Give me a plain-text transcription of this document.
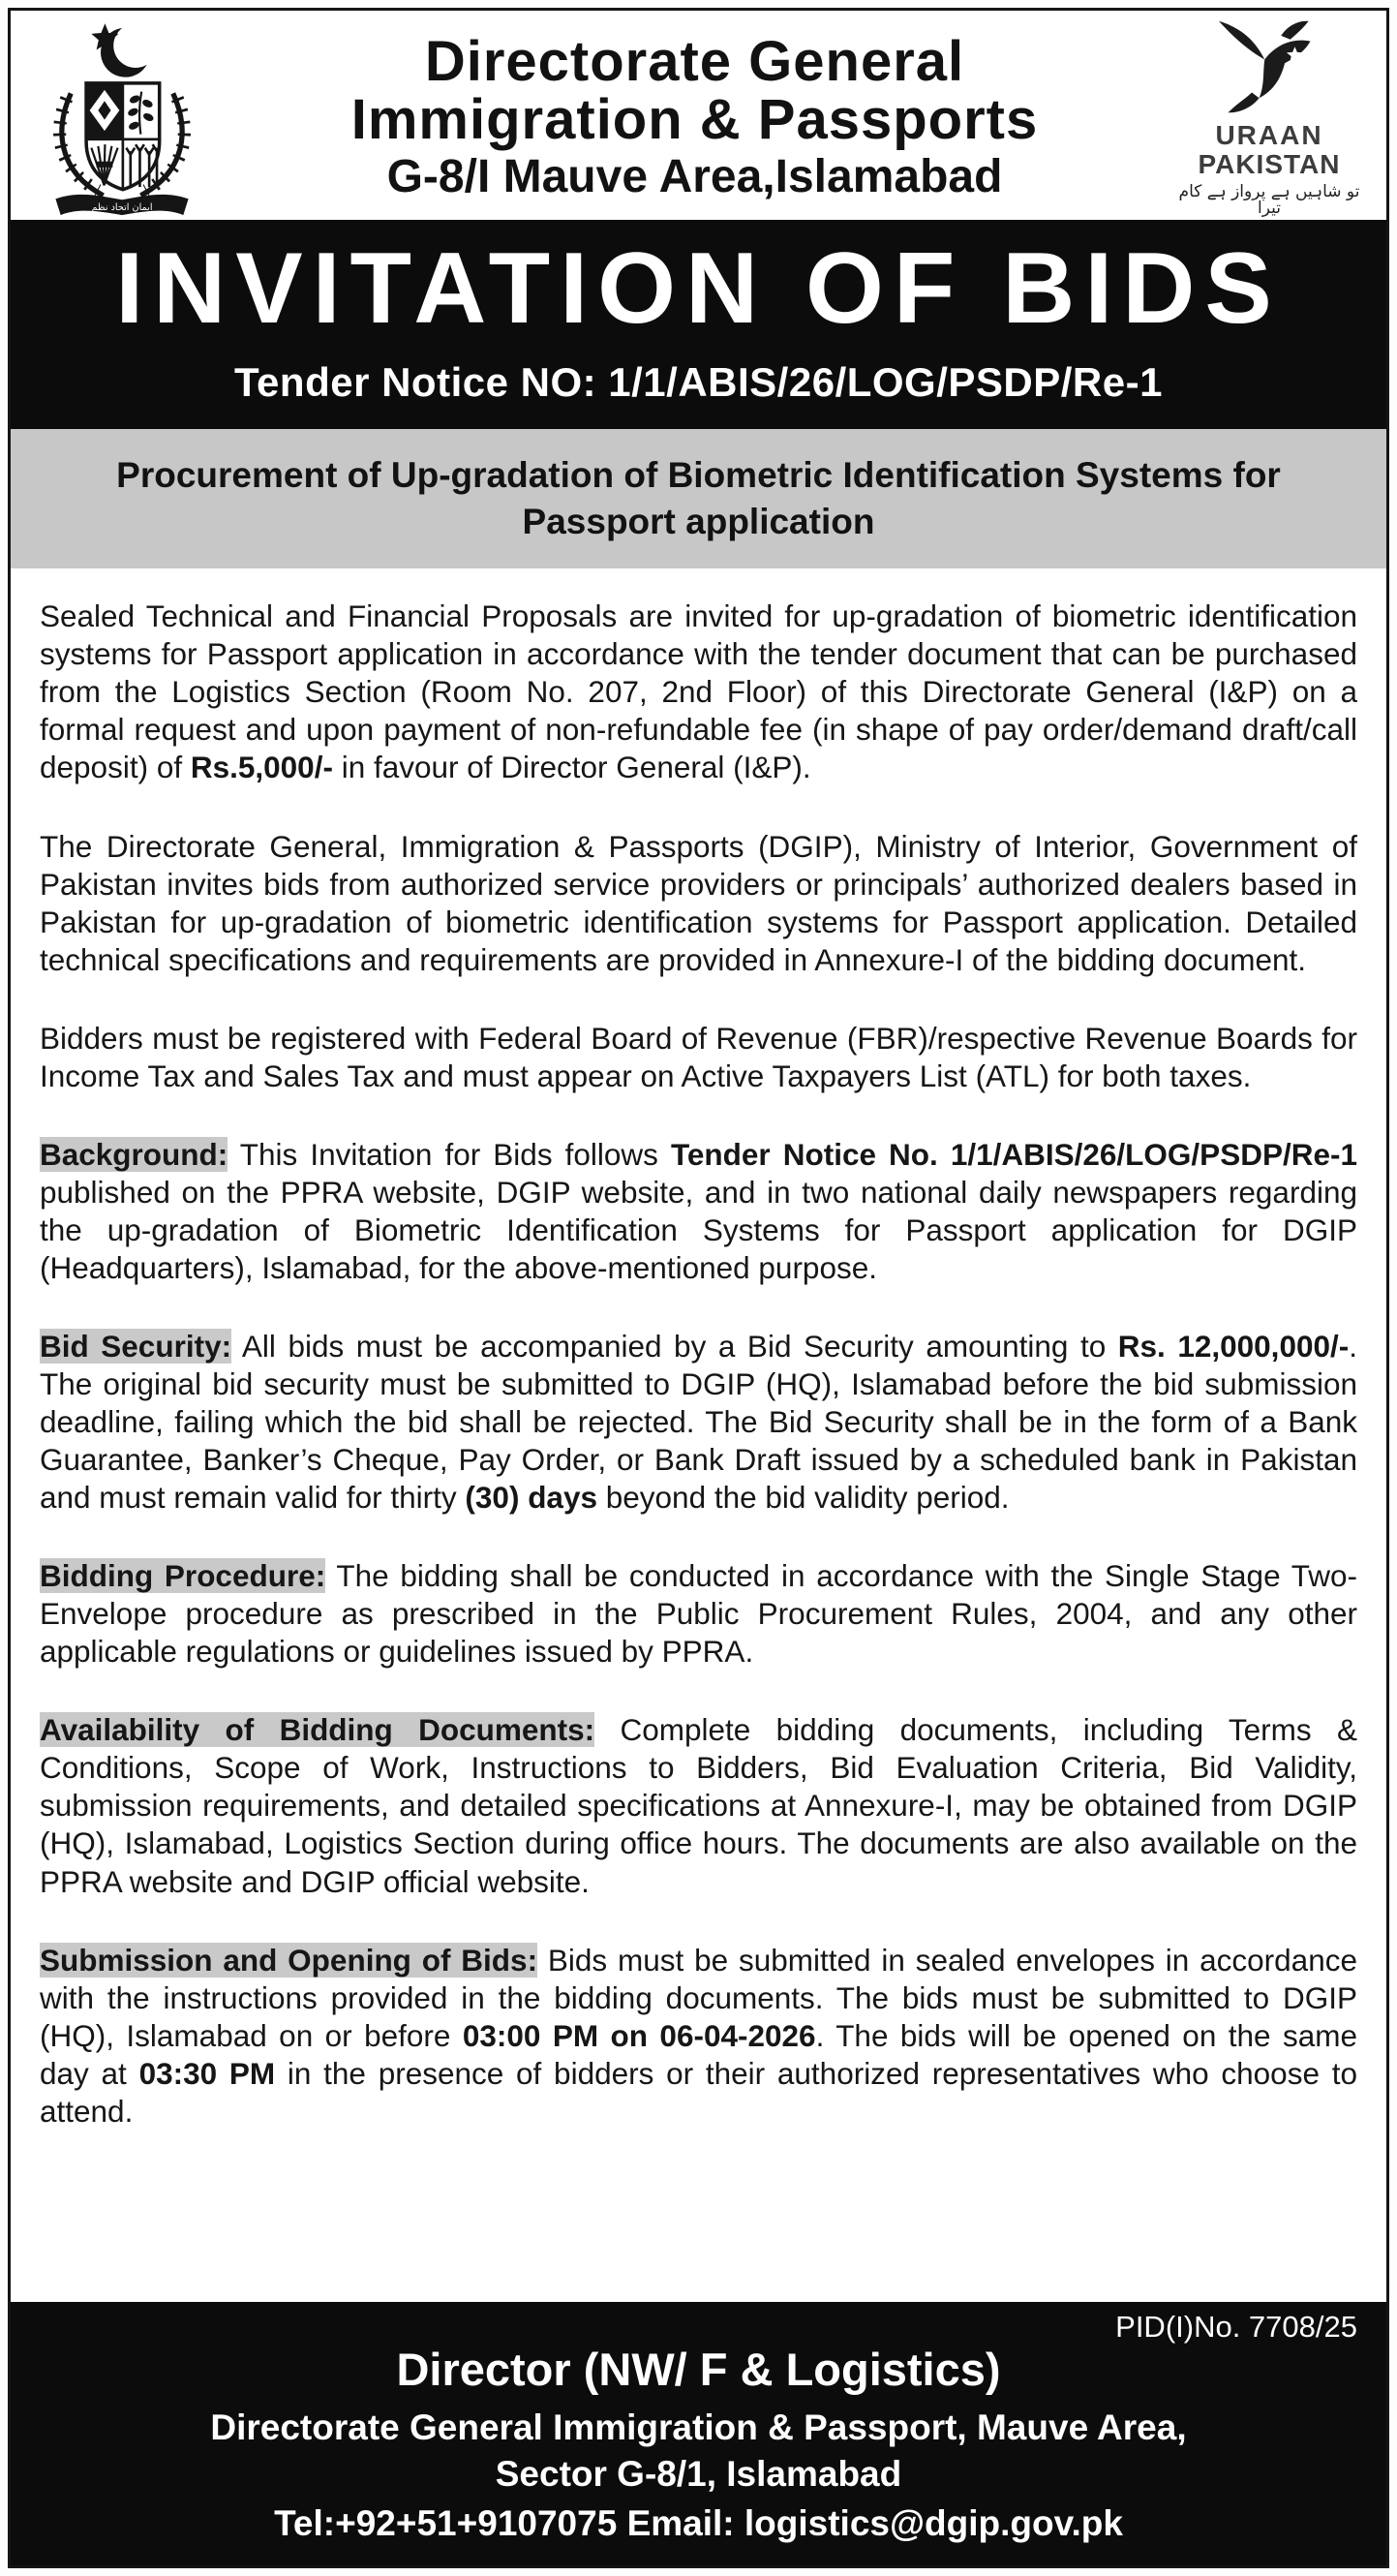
ایمان اتحاد نظم
Directorate General
Immigration & Passports
G-8/I Mauve Area,Islamabad
URAAN
PAKISTAN
تو شاہیں ہے پرواز ہے کام تیرا
INVITATION OF BIDS
Tender Notice NO: 1/1/ABIS/26/LOG/PSDP/Re-1
Procurement of Up-gradation of Biometric Identification Systems for Passport application

Sealed Technical and Financial Proposals are invited for up-gradation of biometric identification systems for Passport application in accordance with the tender document that can be purchased from the Logistics Section (Room No. 207, 2nd Floor) of this Directorate General (I&P) on a formal request and upon payment of non-refundable fee (in shape of pay order/demand draft/call deposit) of Rs.5,000/- in favour of Director General (I&P).

The Directorate General, Immigration & Passports (DGIP), Ministry of Interior, Government of Pakistan invites bids from authorized service providers or principals’ authorized dealers based in Pakistan for up-gradation of biometric identification systems for Passport application. Detailed technical specifications and requirements are provided in Annexure-I of the bidding document.

Bidders must be registered with Federal Board of Revenue (FBR)/respective Revenue Boards for Income Tax and Sales Tax and must appear on Active Taxpayers List (ATL) for both taxes.

Background: This Invitation for Bids follows Tender Notice No. 1/1/ABIS/26/LOG/PSDP/Re-1 published on the PPRA website, DGIP website, and in two national daily newspapers regarding the up-gradation of Biometric Identification Systems for Passport application for DGIP (Headquarters), Islamabad, for the above-mentioned purpose.

Bid Security: All bids must be accompanied by a Bid Security amounting to Rs. 12,000,000/-. The original bid security must be submitted to DGIP (HQ), Islamabad before the bid submission deadline, failing which the bid shall be rejected. The Bid Security shall be in the form of a Bank Guarantee, Banker’s Cheque, Pay Order, or Bank Draft issued by a scheduled bank in Pakistan and must remain valid for thirty (30) days beyond the bid validity period.

Bidding Procedure: The bidding shall be conducted in accordance with the Single Stage Two-Envelope procedure as prescribed in the Public Procurement Rules, 2004, and any other applicable regulations or guidelines issued by PPRA.

Availability of Bidding Documents: Complete bidding documents, including Terms & Conditions, Scope of Work, Instructions to Bidders, Bid Evaluation Criteria, Bid Validity, submission requirements, and detailed specifications at Annexure-I, may be obtained from DGIP (HQ), Islamabad, Logistics Section during office hours. The documents are also available on the PPRA website and DGIP official website.

Submission and Opening of Bids: Bids must be submitted in sealed envelopes in accordance with the instructions provided in the bidding documents. The bids must be submitted to DGIP (HQ), Islamabad on or before 03:00 PM on 06-04-2026. The bids will be opened on the same day at 03:30 PM in the presence of bidders or their authorized representatives who choose to attend.

PID(I)No. 7708/25
Director (NW/ F & Logistics)
Directorate General Immigration & Passport, Mauve Area,
Sector G-8/1, Islamabad
Tel:+92+51+9107075 Email: logistics@dgip.gov.pk
